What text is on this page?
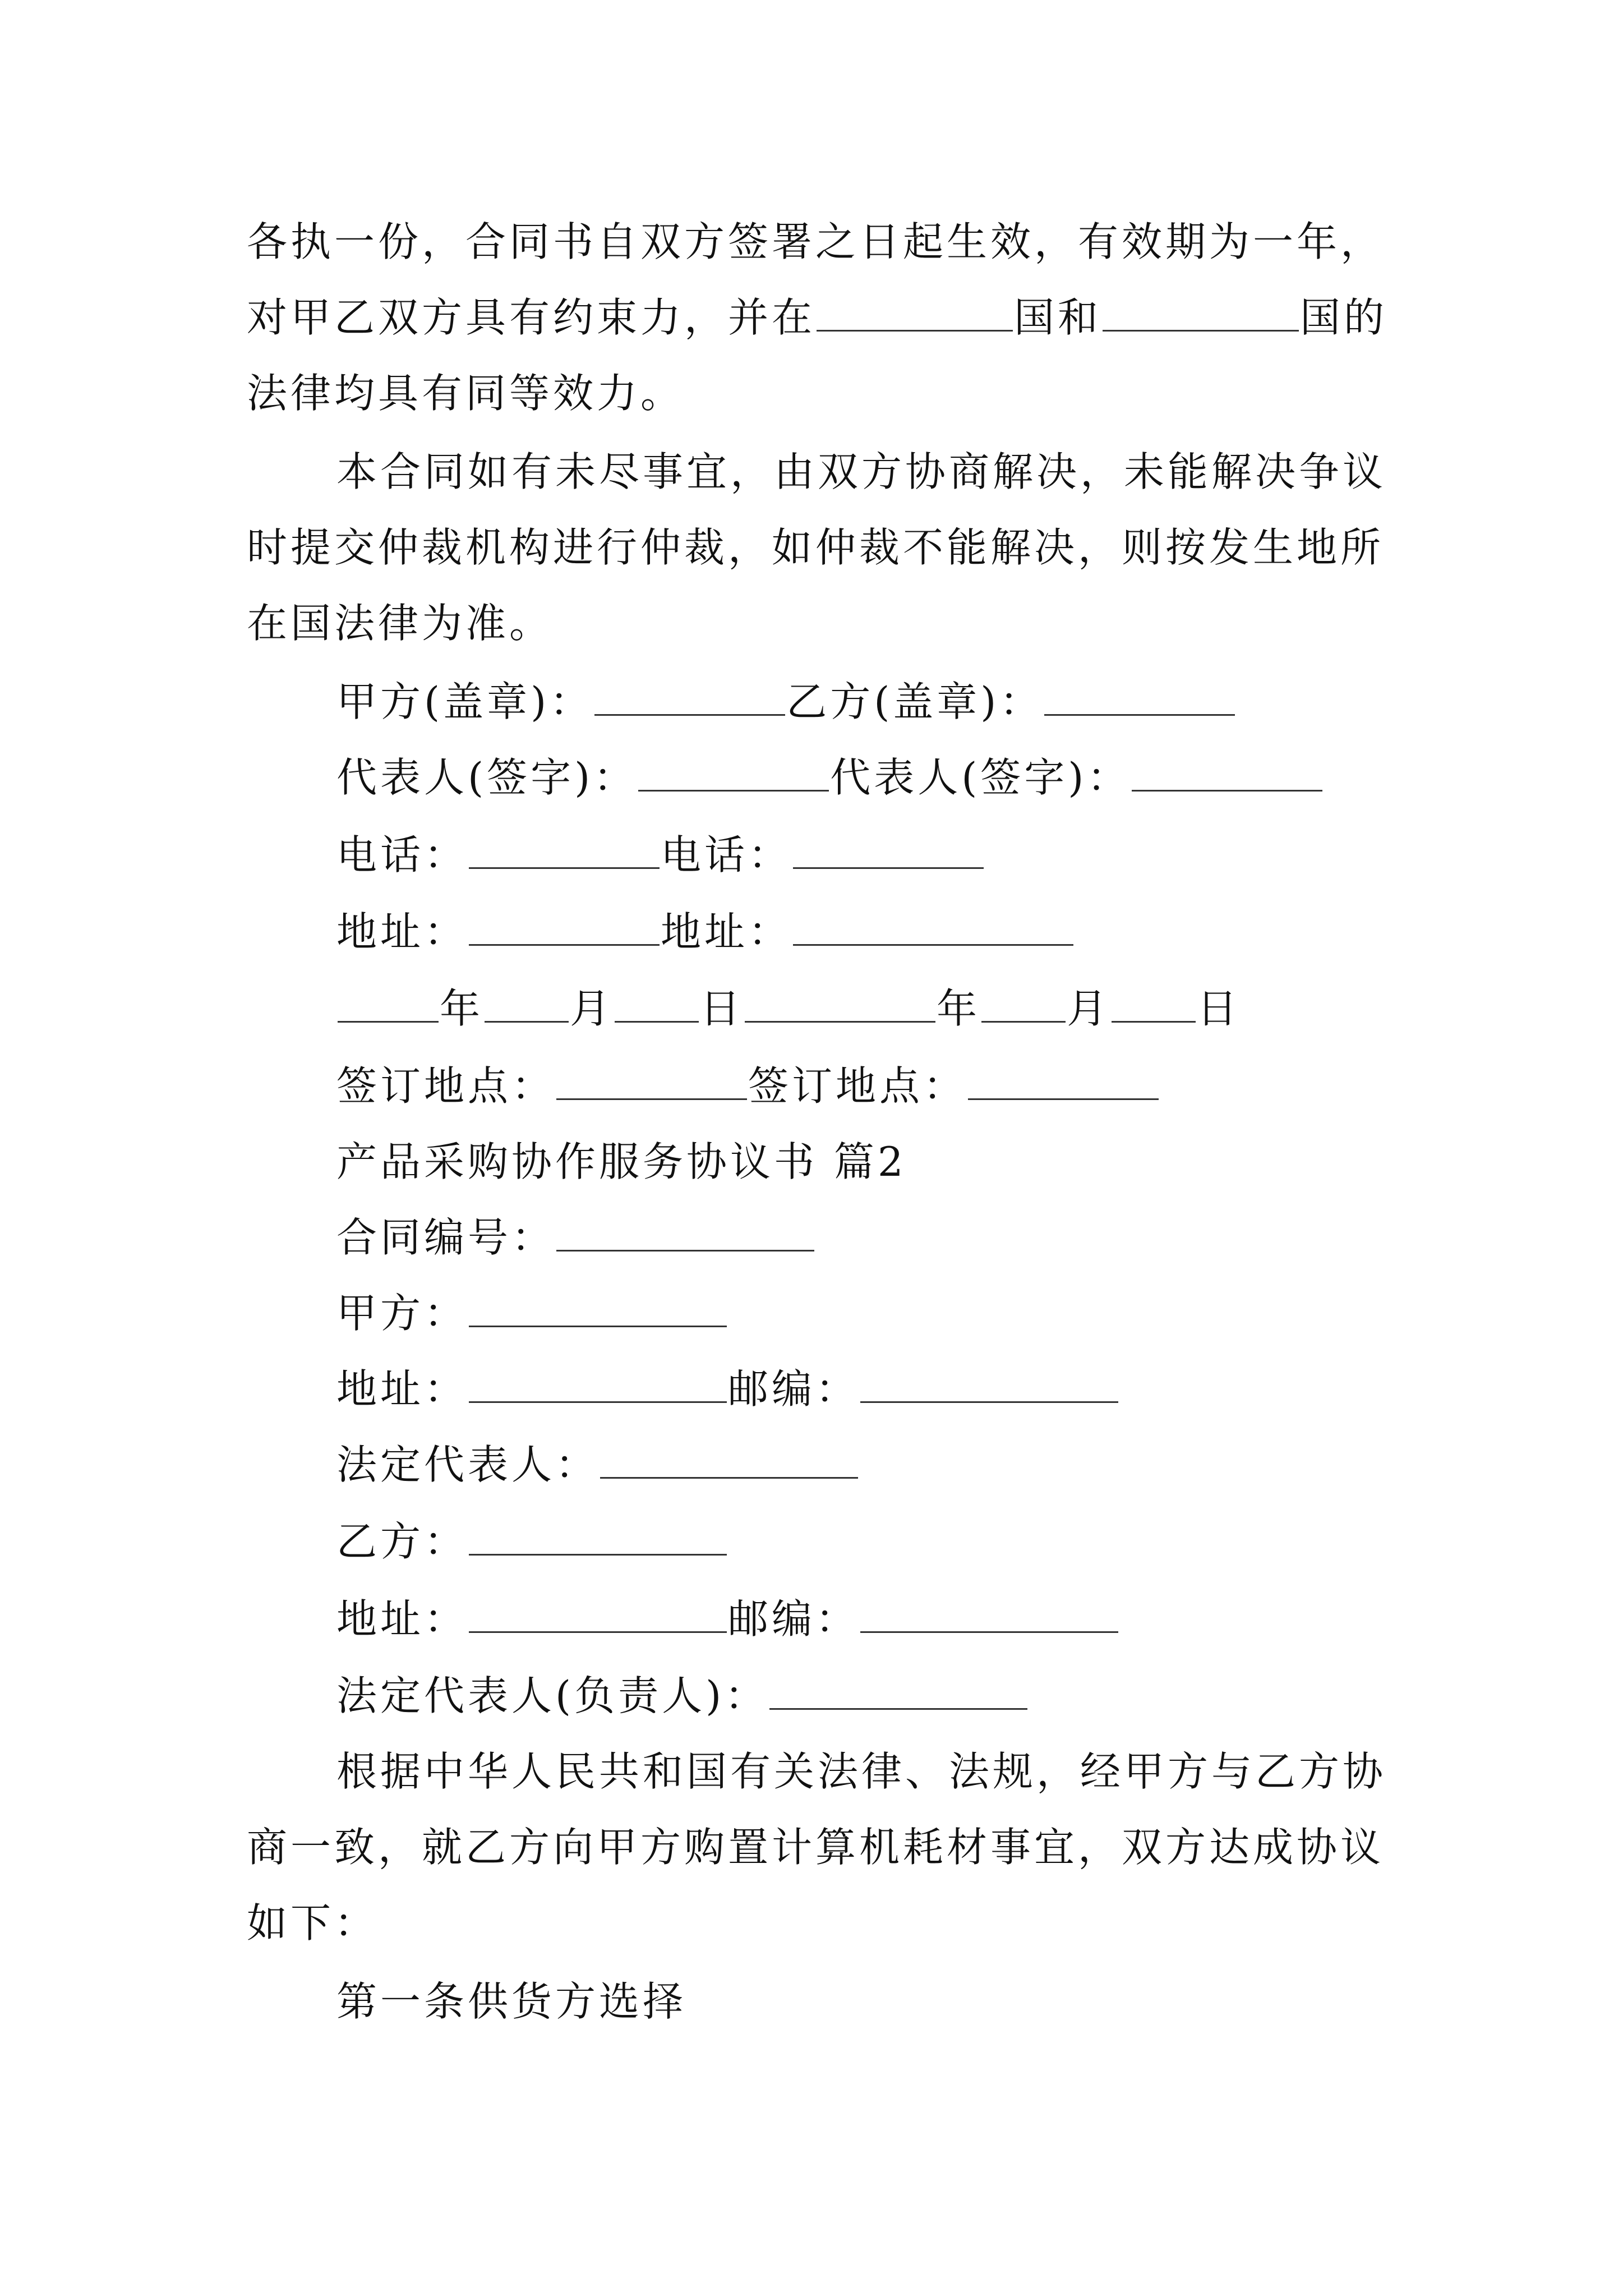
各执一份，合同书自双方签署之日起生效，有效期为一年，
对甲乙双方具有约束力，并在	国和	国的
法律均具有同等效力。
本合同如有未尽事宜，由双方协商解决，未能解决争议
时提交仲裁机构进行仲裁，如仲裁不能解决，则按发生地所
在国法律为准。
甲方(盖章)：	乙方(盖章)：
代表人(签字)：	代表人(签字)：
电话：	电话：
地址：	地址：
年 月 日	年 月 日
签订地点：	签订地点：
产品采购协作服务协议书 篇2
合同编号：
甲方：
地址：	邮编：
法定代表人：
乙方：
地址：	邮编：
法定代表人(负责人)：
根据中华人民共和国有关法律、法规，经甲方与乙方协
商一致，就乙方向甲方购置计算机耗材事宜，双方达成协议
如下：
第一条供货方选择
